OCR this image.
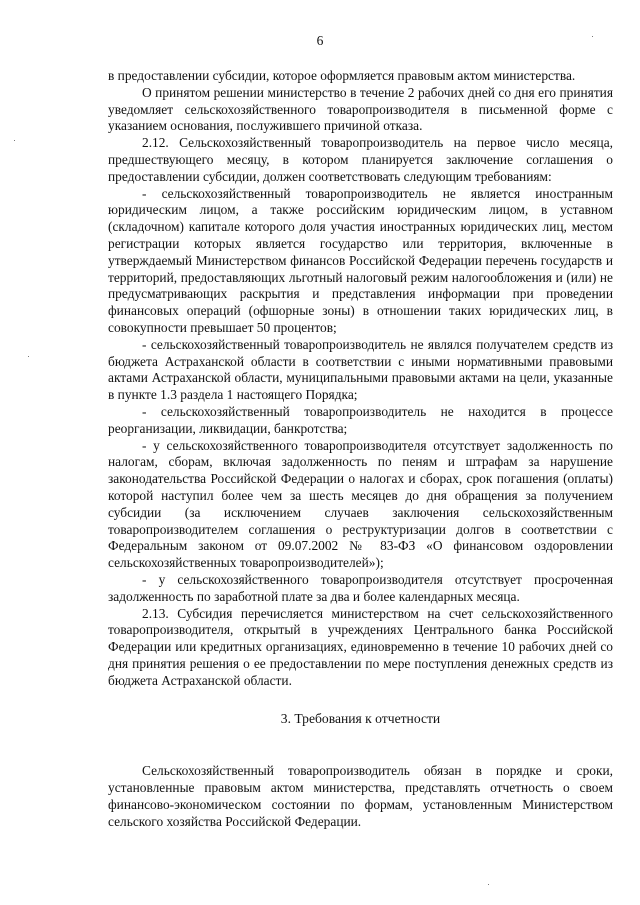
6

в предоставлении субсидии, которое оформляется правовым актом министерства.

О принятом решении министерство в течение 2 рабочих дней со дня его принятия уведомляет сельскохозяйственного товаропроизводителя в письменной форме с указанием основания, послужившего причиной отказа.

2.12. Сельскохозяйственный товаропроизводитель на первое число месяца, предшествующего месяцу, в котором планируется заключение соглашения о предоставлении субсидии, должен соответствовать следующим требованиям:

- сельскохозяйственный товаропроизводитель не является иностранным юридическим лицом, а также российским юридическим лицом, в уставном (складочном) капитале которого доля участия иностранных юридических лиц, местом регистрации которых является государство или территория, включенные в утверждаемый Министерством финансов Российской Федерации перечень государств и территорий, предоставляющих льготный налоговый режим налогообложения и (или) не предусматривающих раскрытия и представления информации при проведении финансовых операций (офшорные зоны) в отношении таких юридических лиц, в совокупности превышает 50 процентов;

- сельскохозяйственный товаропроизводитель не являлся получателем средств из бюджета Астраханской области в соответствии с иными нормативными правовыми актами Астраханской области, муниципальными правовыми актами на цели, указанные в пункте 1.3 раздела 1 настоящего Порядка;

- сельскохозяйственный товаропроизводитель не находится в процессе реорганизации, ликвидации, банкротства;

- у сельскохозяйственного товаропроизводителя отсутствует задолженность по налогам, сборам, включая задолженность по пеням и штрафам за нарушение законодательства Российской Федерации о налогах и сборах, срок погашения (оплаты) которой наступил более чем за шесть месяцев до дня обращения за получением субсидии (за исключением случаев заключения сельскохозяйственным товаропроизводителем соглашения о реструктуризации долгов в соответствии с Федеральным законом от 09.07.2002 № 83-ФЗ «О финансовом оздоровлении сельскохозяйственных товаропроизводителей»);

- у сельскохозяйственного товаропроизводителя отсутствует просроченная задолженность по заработной плате за два и более календарных месяца.

2.13. Субсидия перечисляется министерством на счет сельскохозяйственного товаропроизводителя, открытый в учреждениях Центрального банка Российской Федерации или кредитных организациях, единовременно в течение 10 рабочих дней со дня принятия решения о ее предоставлении по мере поступления денежных средств из бюджета Астраханской области.

3. Требования к отчетности

Сельскохозяйственный товаропроизводитель обязан в порядке и сроки, установленные правовым актом министерства, представлять отчетность о своем финансово-экономическом состоянии по формам, установленным Министерством сельского хозяйства Российской Федерации.
